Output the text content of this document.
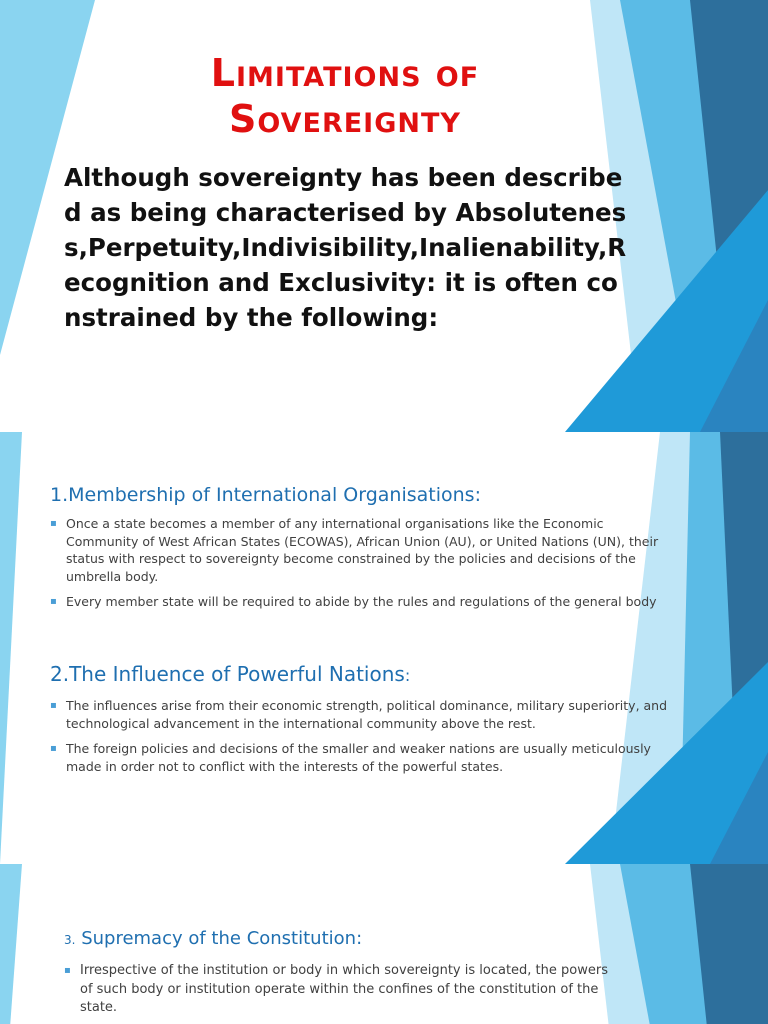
Limitations of
Sovereignty

Although sovereignty has been described as being characterised by Absoluteness,Perpetuity,Indivisibility,Inalienability,Recognition and Exclusivity: it is often constrained by the following:

1.Membership of International Organisations:
▪ Once a state becomes a member of any international organisations like the Economic Community of West African States (ECOWAS), African Union (AU), or United Nations (UN), their status with respect to sovereignty become constrained by the policies and decisions of the umbrella body.
▪ Every member state will be required to abide by the rules and regulations of the general body
2.The Influence of Powerful Nations:
▪ The influences arise from their economic strength, political dominance, military superiority, and technological advancement in the international community above the rest.
▪ The foreign policies and decisions of the smaller and weaker nations are usually meticulously made in order not to conflict with the interests of the powerful states.
3. Supremacy of the Constitution:
▪ Irrespective of the institution or body in which sovereignty is located, the powers of such body or institution operate within the confines of the constitution of the state.
